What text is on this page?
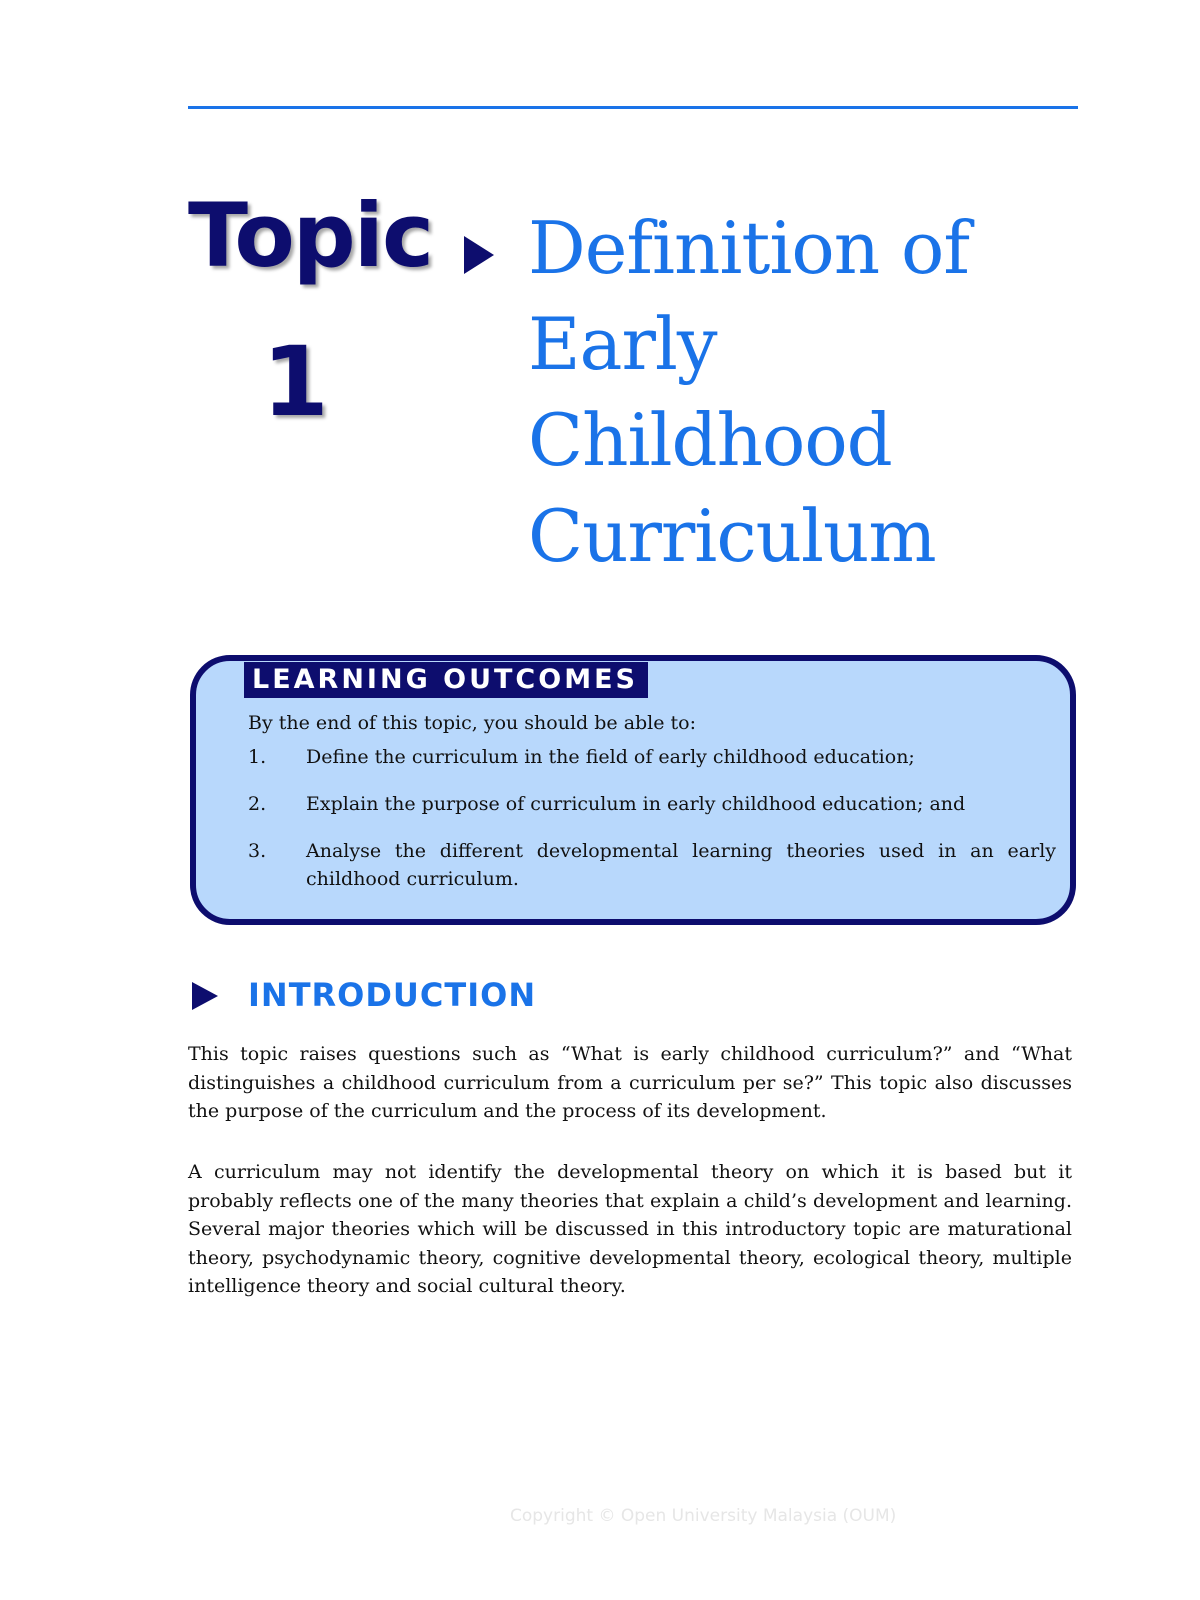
Topic
1
Definition of
Early
Childhood
Curriculum
LEARNING OUTCOMES
By the end of this topic, you should be able to:
1. Define the curriculum in the field of early childhood education;
2. Explain the purpose of curriculum in early childhood education; and
3. Analyse the different developmental learning theories used in an early childhood curriculum.
INTRODUCTION

This topic raises questions such as “What is early childhood curriculum?” and “What distinguishes a childhood curriculum from a curriculum per se?” This topic also discusses the purpose of the curriculum and the process of its development.

A curriculum may not identify the developmental theory on which it is based but it probably reflects one of the many theories that explain a child’s development and learning. Several major theories which will be discussed in this introductory topic are maturational theory, psychodynamic theory, cognitive developmental theory, ecological theory, multiple intelligence theory and social cultural theory.

Copyright © Open University Malaysia (OUM)
